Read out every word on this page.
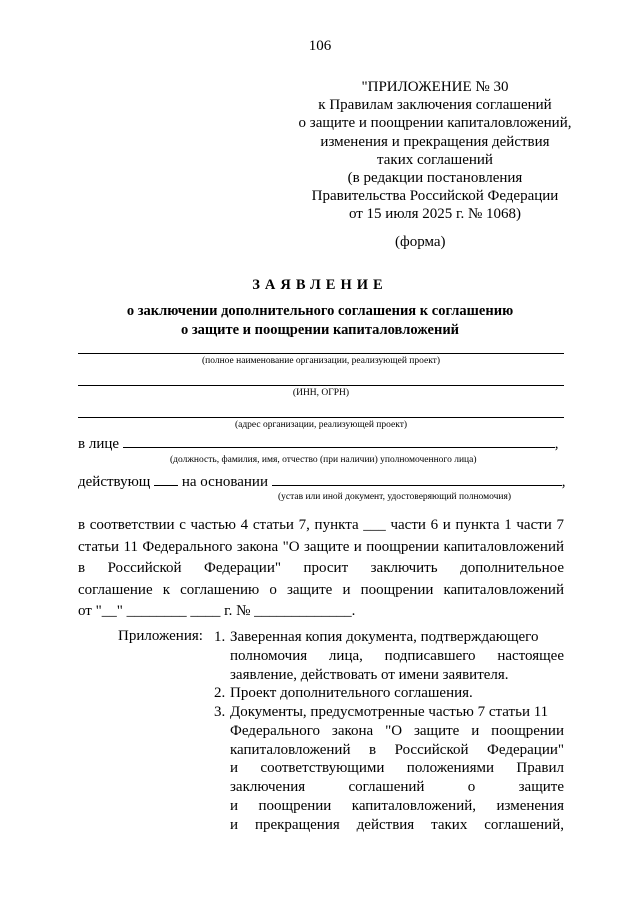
106
"ПРИЛОЖЕНИЕ № 30
к Правилам заключения соглашений
о защите и поощрении капиталовложений,
изменения и прекращения действия
таких соглашений
(в редакции постановления
Правительства Российской Федерации
от 15 июля 2025 г. № 1068)
(форма)
ЗАЯВЛЕНИЕ
о заключении дополнительного соглашения к соглашению
о защите и поощрении капиталовложений
(полное наименование организации, реализующей проект)
(ИНН, ОГРН)
(адрес организации, реализующей проект)
в лице	,
(должность, фамилия, имя, отчество (при наличии) уполномоченного лица)
действующ на основании	,
(устав или иной документ, удостоверяющий полномочия)
в соответствии с частью 4 статьи 7, пункта ___ части 6 и пункта 1 части 7
статьи 11 Федерального закона "О защите и поощрении капиталовложений
в Российской Федерации" просит заключить дополнительное
соглашение к соглашению о защите и поощрении капиталовложений
от "__" ________ ____ г. № _____________.
Приложения: 1. Заверенная копия документа, подтверждающего
полномочия лица, подписавшего настоящее
заявление, действовать от имени заявителя.
2. Проект дополнительного соглашения.
3. Документы, предусмотренные частью 7 статьи 11
Федерального закона "О защите и поощрении
капиталовложений в Российской Федерации"
и соответствующими положениями Правил
заключения соглашений о защите
и поощрении капиталовложений, изменения
и прекращения действия таких соглашений,
